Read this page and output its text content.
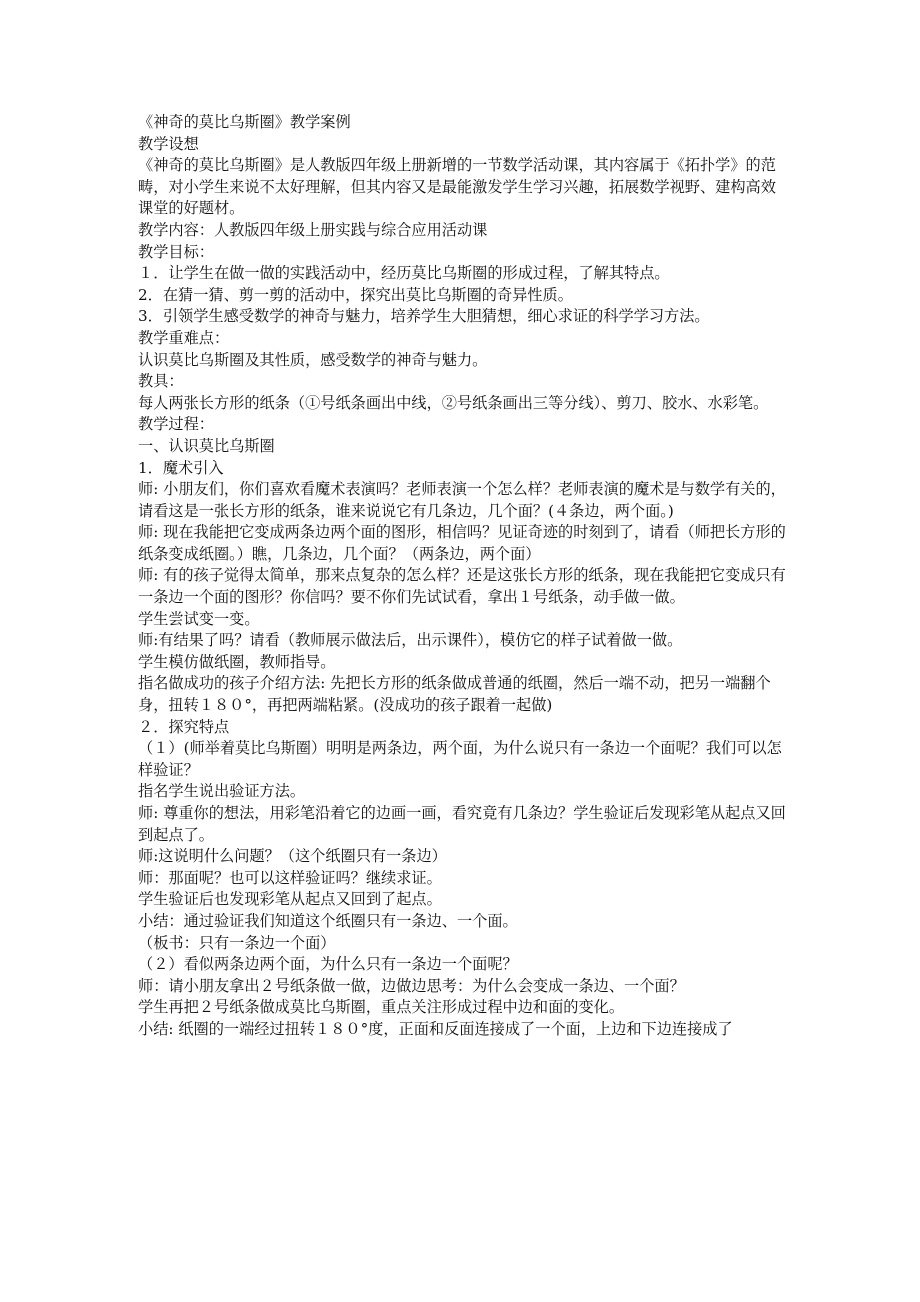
《神奇的莫比乌斯圈》教学案例
教学设想
《神奇的莫比乌斯圈》是人教版四年级上册新增的一节数学活动课，其内容属于《拓扑学》的范畴，对小学生来说不太好理解，但其内容又是最能激发学生学习兴趣，拓展数学视野、建构高效课堂的好题材。
教学内容：人教版四年级上册实践与综合应用活动课
教学目标：
１．让学生在做一做的实践活动中，经历莫比乌斯圈的形成过程，了解其特点。
2．在猜一猜、剪一剪的活动中，探究出莫比乌斯圈的奇异性质。
3．引领学生感受数学的神奇与魅力，培养学生大胆猜想，细心求证的科学学习方法。
教学重难点：
认识莫比乌斯圈及其性质，感受数学的神奇与魅力。
教具：
每人两张长方形的纸条（①号纸条画出中线，②号纸条画出三等分线）、剪刀、胶水、水彩笔。
教学过程：
一、认识莫比乌斯圈
1．魔术引入
师: 小朋友们，你们喜欢看魔术表演吗？老师表演一个怎么样？老师表演的魔术是与数学有关的，请看这是一张长方形的纸条，谁来说说它有几条边，几个面？(４条边，两个面。)
师: 现在我能把它变成两条边两个面的图形，相信吗？见证奇迹的时刻到了，请看（师把长方形的纸条变成纸圈。）瞧，几条边，几个面？（两条边，两个面）
师: 有的孩子觉得太简单，那来点复杂的怎么样？还是这张长方形的纸条，现在我能把它变成只有一条边一个面的图形？你信吗？要不你们先试试看，拿出１号纸条，动手做一做。
学生尝试变一变。
师:有结果了吗？请看（教师展示做法后，出示课件），模仿它的样子试着做一做。
学生模仿做纸圈，教师指导。
指名做成功的孩子介绍方法: 先把长方形的纸条做成普通的纸圈，然后一端不动，把另一端翻个身，扭转１８０°，再把两端粘紧。(没成功的孩子跟着一起做)
２．探究特点
（１）(师举着莫比乌斯圈）明明是两条边，两个面，为什么说只有一条边一个面呢？我们可以怎样验证？
指名学生说出验证方法。
师: 尊重你的想法，用彩笔沿着它的边画一画，看究竟有几条边？学生验证后发现彩笔从起点又回到起点了。
师:这说明什么问题？（这个纸圈只有一条边）
师：那面呢？也可以这样验证吗？继续求证。
学生验证后也发现彩笔从起点又回到了起点。
小结：通过验证我们知道这个纸圈只有一条边、一个面。
（板书：只有一条边一个面）
（２）看似两条边两个面，为什么只有一条边一个面呢？
师：请小朋友拿出２号纸条做一做，边做边思考：为什么会变成一条边、一个面？
学生再把２号纸条做成莫比乌斯圈，重点关注形成过程中边和面的变化。
小结: 纸圈的一端经过扭转１８０°度，正面和反面连接成了一个面，上边和下边连接成了
